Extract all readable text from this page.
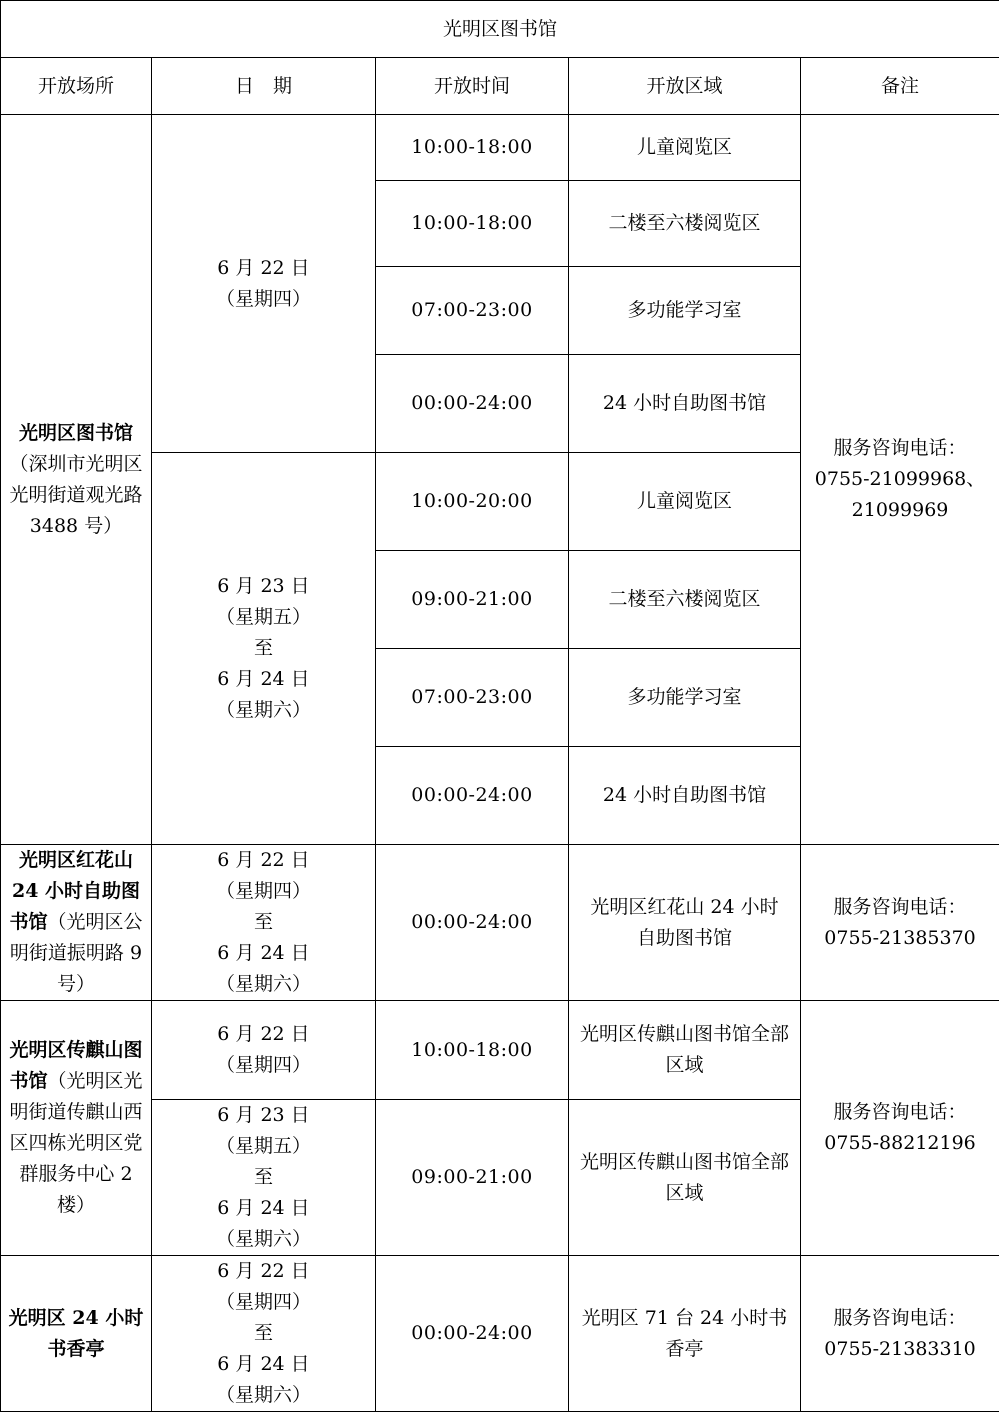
光明区图书馆				
开放场所	日　期	开放时间	开放区域	备注
光明区图书馆（深圳市光明区光明街道观光路 3488 号）	6 月 22 日
（星期四）	10:00-18:00	儿童阅览区	服务咨询电话：
0755-21099968、
21099969
		10:00-18:00	二楼至六楼阅览区	
		07:00-23:00	多功能学习室	
		00:00-24:00	24 小时自助图书馆	
	6 月 23 日
（星期五）
至
6 月 24 日
（星期六）	10:00-20:00	儿童阅览区	
		09:00-21:00	二楼至六楼阅览区	
		07:00-23:00	多功能学习室	
		00:00-24:00	24 小时自助图书馆	
光明区红花山 24 小时自助图书馆（光明区公明街道振明路 9 号）	6 月 22 日
（星期四）
至
6 月 24 日
（星期六）	00:00-24:00	光明区红花山 24 小时
自助图书馆	服务咨询电话：
0755-21385370
光明区传麒山图书馆（光明区光明街道传麒山西区四栋光明区党群服务中心 2 楼）	6 月 22 日
（星期四）	10:00-18:00	光明区传麒山图书馆全部区域	服务咨询电话：
0755-88212196
	6 月 23 日
（星期五）
至
6 月 24 日
（星期六）	09:00-21:00	光明区传麒山图书馆全部区域	
光明区 24 小时书香亭	6 月 22 日
（星期四）
至
6 月 24 日
（星期六）	00:00-24:00	光明区 71 台 24 小时书香亭	服务咨询电话：
0755-21383310
